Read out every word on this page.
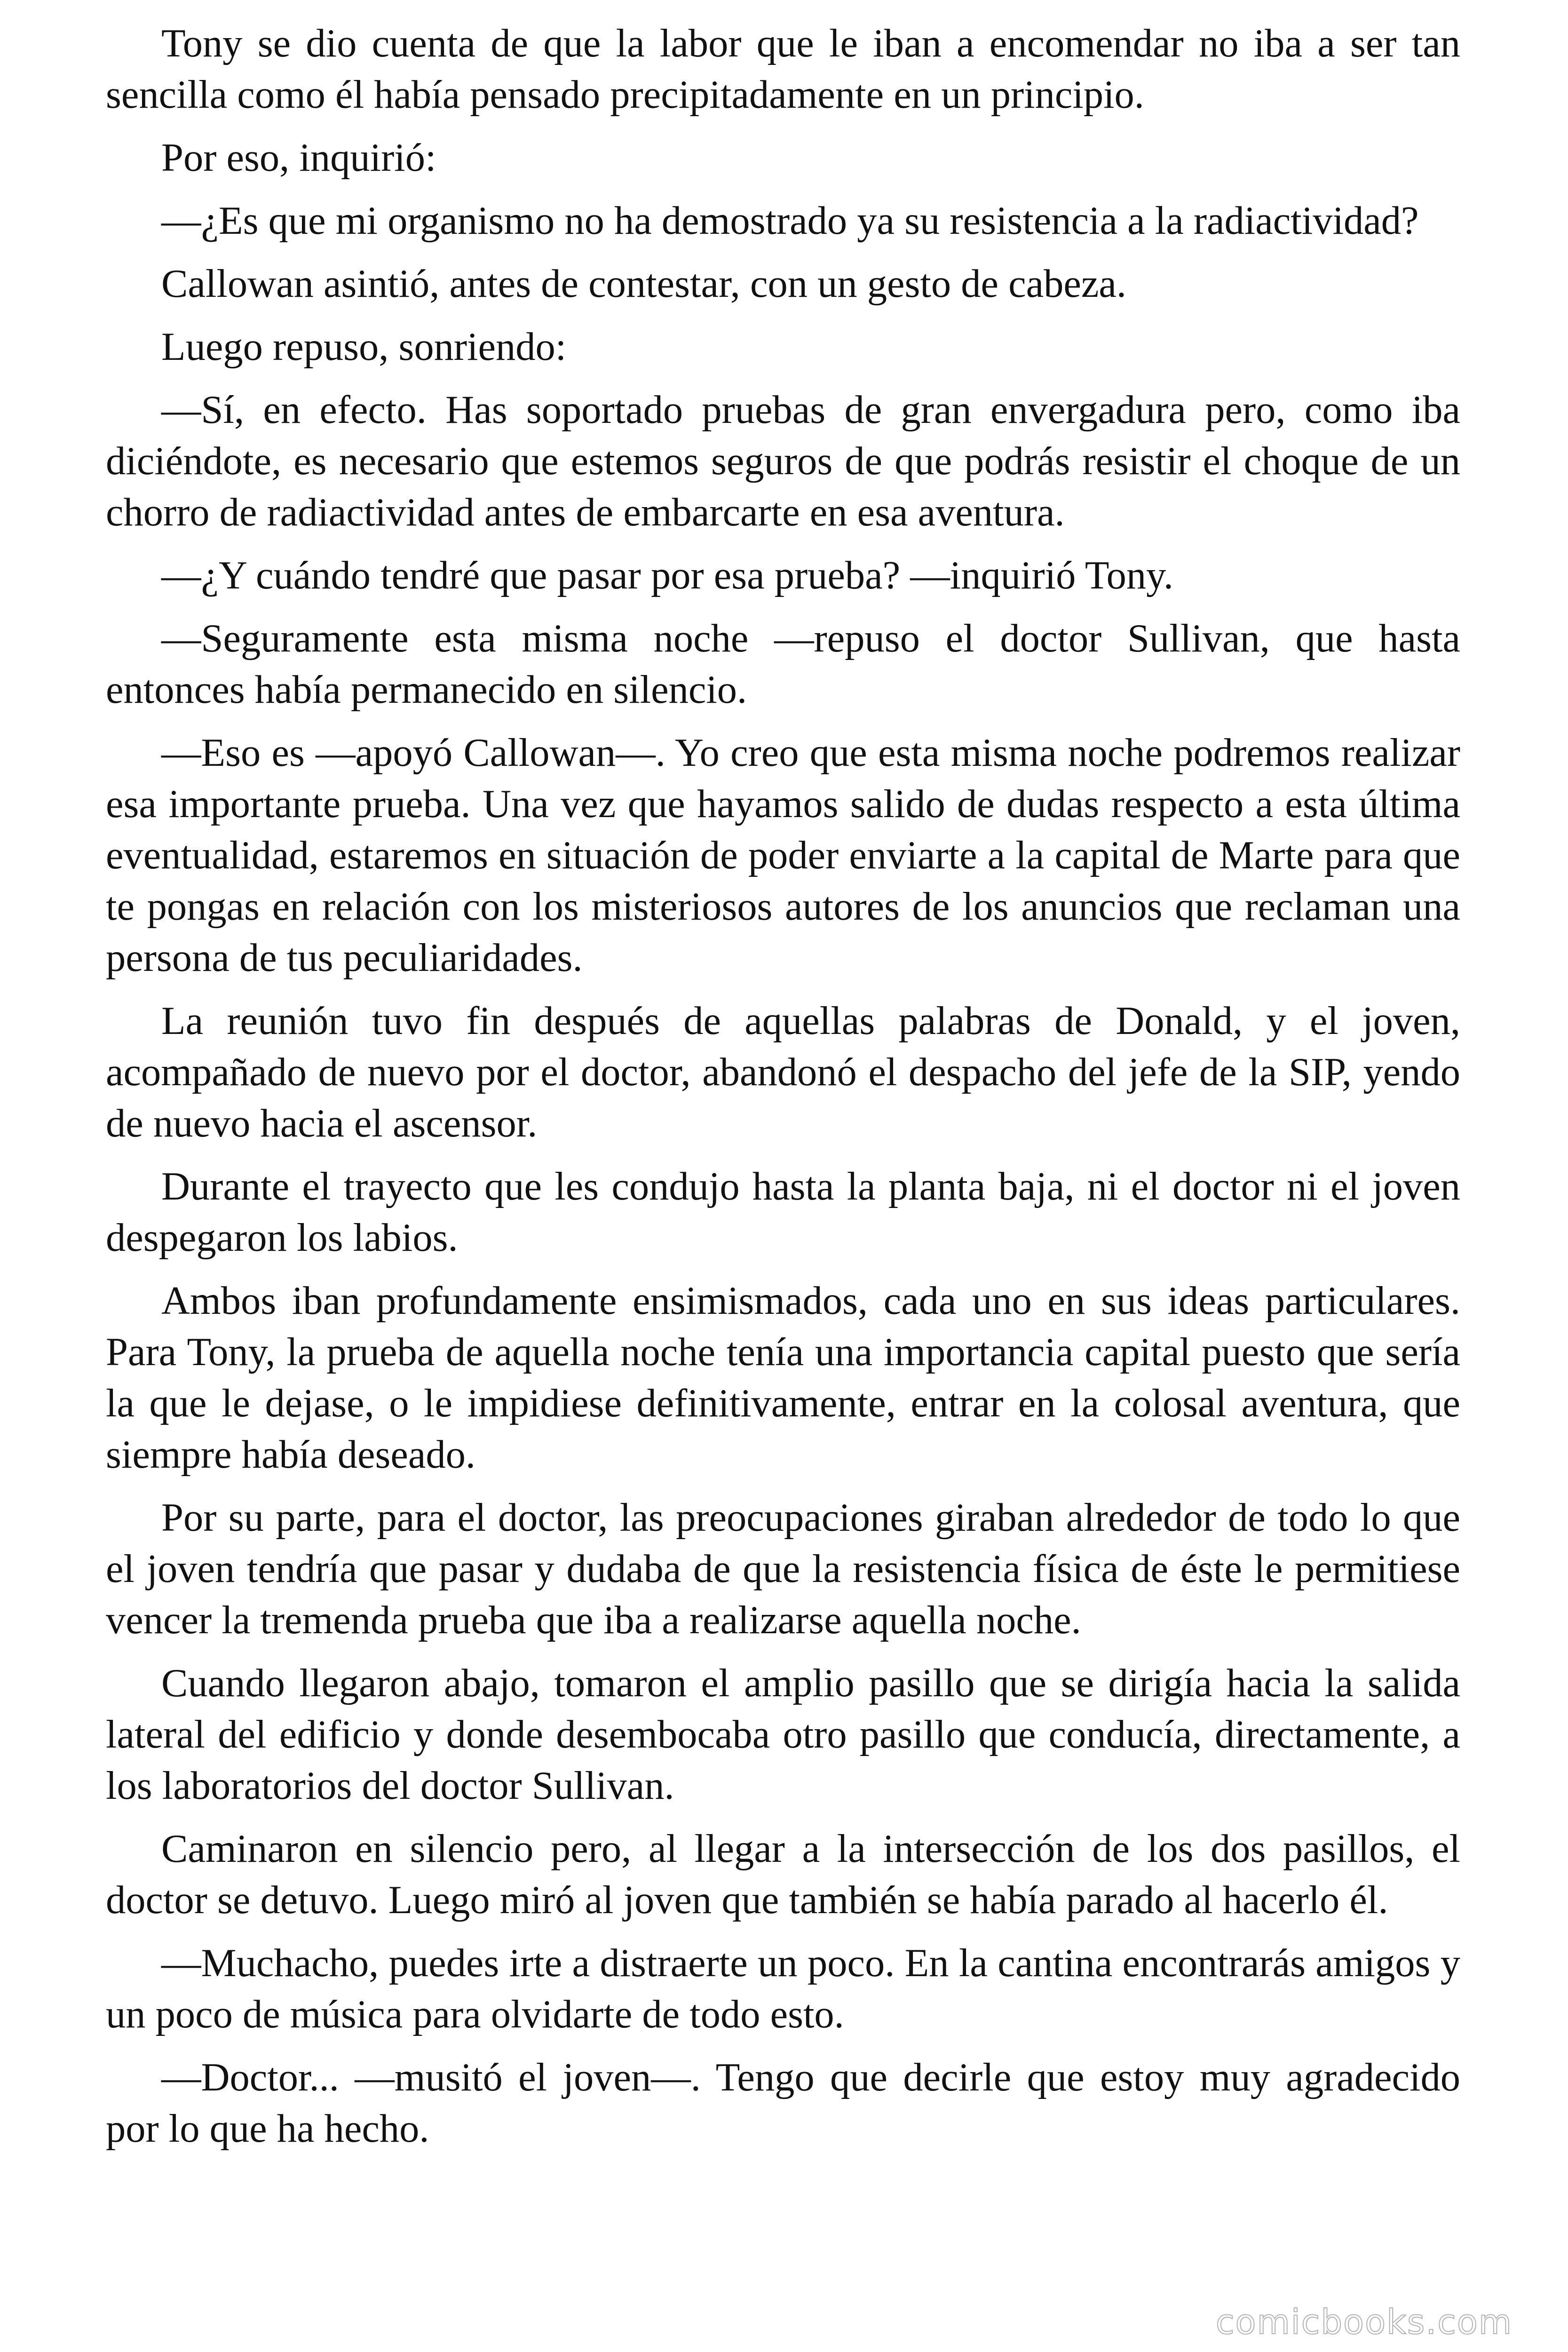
Tony se dio cuenta de que la labor que le iban a encomendar no iba a ser tan sencilla como él había pensado precipitadamente en un principio.

Por eso, inquirió:

—¿Es que mi organismo no ha demostrado ya su resistencia a la radiactividad?

Callowan asintió, antes de contestar, con un gesto de cabeza.

Luego repuso, sonriendo:

—Sí, en efecto. Has soportado pruebas de gran envergadura pero, como iba diciéndote, es necesario que estemos seguros de que podrás resistir el choque de un chorro de radiactividad antes de embarcarte en esa aventura.

—¿Y cuándo tendré que pasar por esa prueba? —inquirió Tony.

—Seguramente esta misma noche —repuso el doctor Sullivan, que hasta entonces había permanecido en silencio.

—Eso es —apoyó Callowan—. Yo creo que esta misma noche podremos realizar esa importante prueba. Una vez que hayamos salido de dudas respecto a esta última eventualidad, estaremos en situación de poder enviarte a la capital de Marte para que te pongas en relación con los misteriosos autores de los anuncios que reclaman una persona de tus peculiaridades.

La reunión tuvo fin después de aquellas palabras de Donald, y el joven, acompañado de nuevo por el doctor, abandonó el despacho del jefe de la SIP, yendo de nuevo hacia el ascensor.

Durante el trayecto que les condujo hasta la planta baja, ni el doctor ni el joven despegaron los labios.

Ambos iban profundamente ensimismados, cada uno en sus ideas particulares. Para Tony, la prueba de aquella noche tenía una importancia capital puesto que sería la que le dejase, o le impidiese definitivamente, entrar en la colosal aventura, que siempre había deseado.

Por su parte, para el doctor, las preocupaciones giraban alrededor de todo lo que el joven tendría que pasar y dudaba de que la resistencia física de éste le permitiese vencer la tremenda prueba que iba a realizarse aquella noche.

Cuando llegaron abajo, tomaron el amplio pasillo que se dirigía hacia la salida lateral del edificio y donde desembocaba otro pasillo que conducía, directamente, a los laboratorios del doctor Sullivan.

Caminaron en silencio pero, al llegar a la intersección de los dos pasillos, el doctor se detuvo. Luego miró al joven que también se había parado al hacerlo él.

—Muchacho, puedes irte a distraerte un poco. En la cantina encontrarás amigos y un poco de música para olvidarte de todo esto.

—Doctor... —musitó el joven—. Tengo que decirle que estoy muy agradecido por lo que ha hecho.

comicbooks.com
